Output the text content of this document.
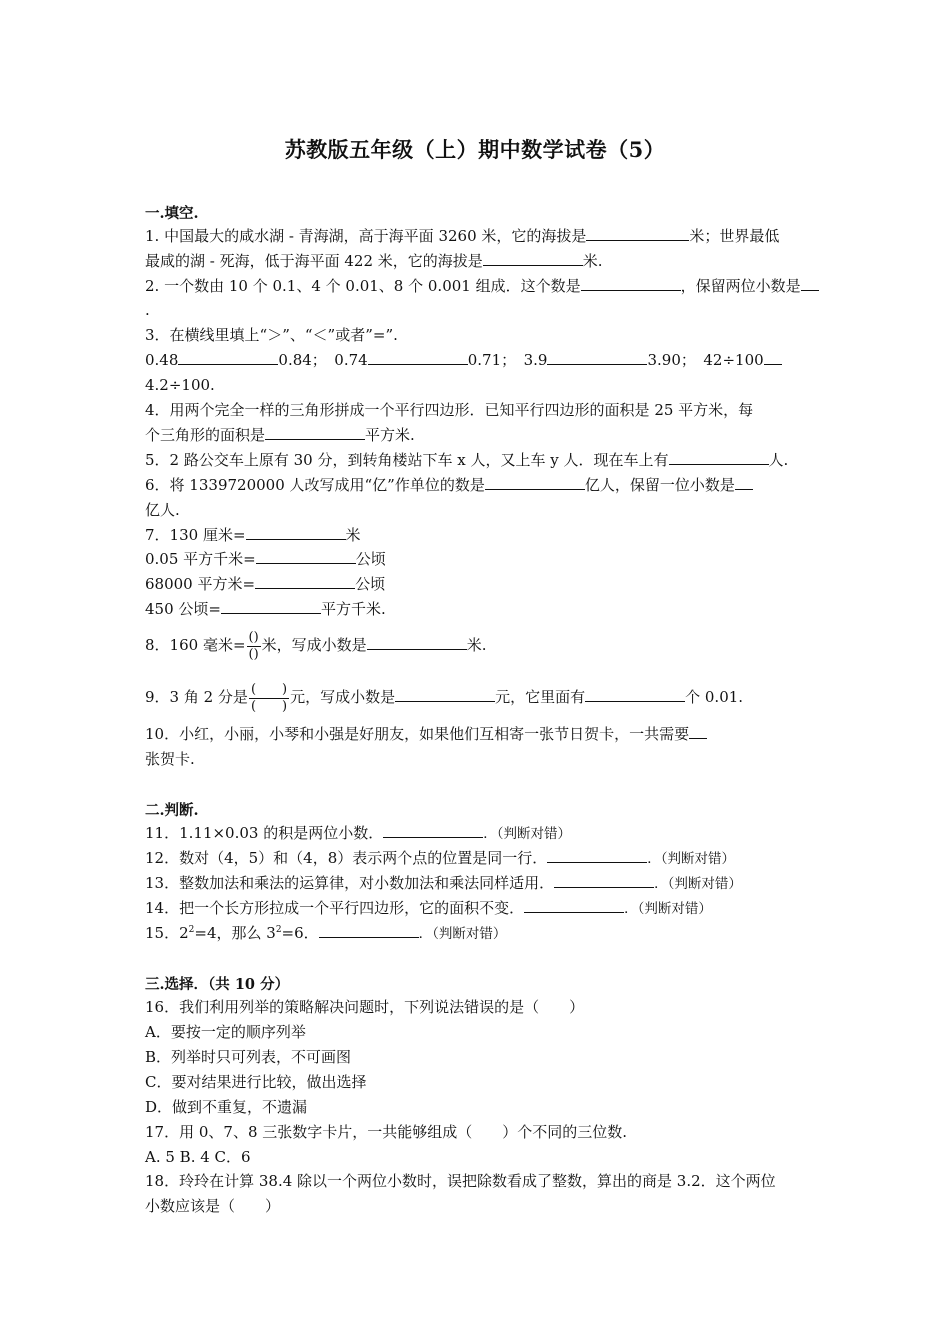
苏教版五年级（上）期中数学试卷（5）
一.填空.
1. 中国最大的咸水湖 - 青海湖，高于海平面 3260 米，它的海拔是	米；世界最低
最咸的湖 - 死海，低于海平面 422 米，它的海拔是	米.
2. 一个数由 10 个 0.1、4 个 0.01、8 个 0.001 组成．这个数是	，保留两位小数是
.
3．在横线里填上“＞”、“＜”或者”=”.
0.48	0.84；　0.74	0.71；　3.9	3.90；　42÷100
4.2÷100.
4．用两个完全一样的三角形拼成一个平行四边形．已知平行四边形的面积是 25 平方米，每
个三角形的面积是	平方米.
5．2 路公交车上原有 30 分，到转角楼站下车 x 人，又上车 y 人．现在车上有	人.
6．将 1339720000 人改写成用“亿”作单位的数是	亿人，保留一位小数是
亿人.
7．130 厘米=	米
0.05 平方千米=	公顷
68000 平方米=	公顷
450 公顷=	平方千米.
8．160 毫米= $\frac{()}{()}$ 米，写成小数是	米.
9．3 角 2 分是 $\frac{( )}{( )}$ 元，写成小数是	元，它里面有	个 0.01.
10．小红，小丽，小琴和小强是好朋友，如果他们互相寄一张节日贺卡，一共需要
张贺卡.
二.判断.
11．1.11×0.03 的积是两位小数．	．（判断对错）
12．数对（4，5）和（4，8）表示两个点的位置是同一行．	．（判断对错）
13．整数加法和乘法的运算律，对小数加法和乘法同样适用．	．（判断对错）
14．把一个长方形拉成一个平行四边形，它的面积不变．	．（判断对错）
15．$2^2=4$，那么 $3^2=6$．	．（判断对错）
三.选择．（共 10 分）
16．我们利用列举的策略解决问题时，下列说法错误的是（　　）
A．要按一定的顺序列举
B．列举时只可列表，不可画图
C．要对结果进行比较，做出选择
D．做到不重复，不遗漏
17．用 0、7、8 三张数字卡片，一共能够组成（　　）个不同的三位数.
A. 5 B. 4 C．6
18．玲玲在计算 38.4 除以一个两位小数时，误把除数看成了整数，算出的商是 3.2．这个两位
小数应该是（　　）
